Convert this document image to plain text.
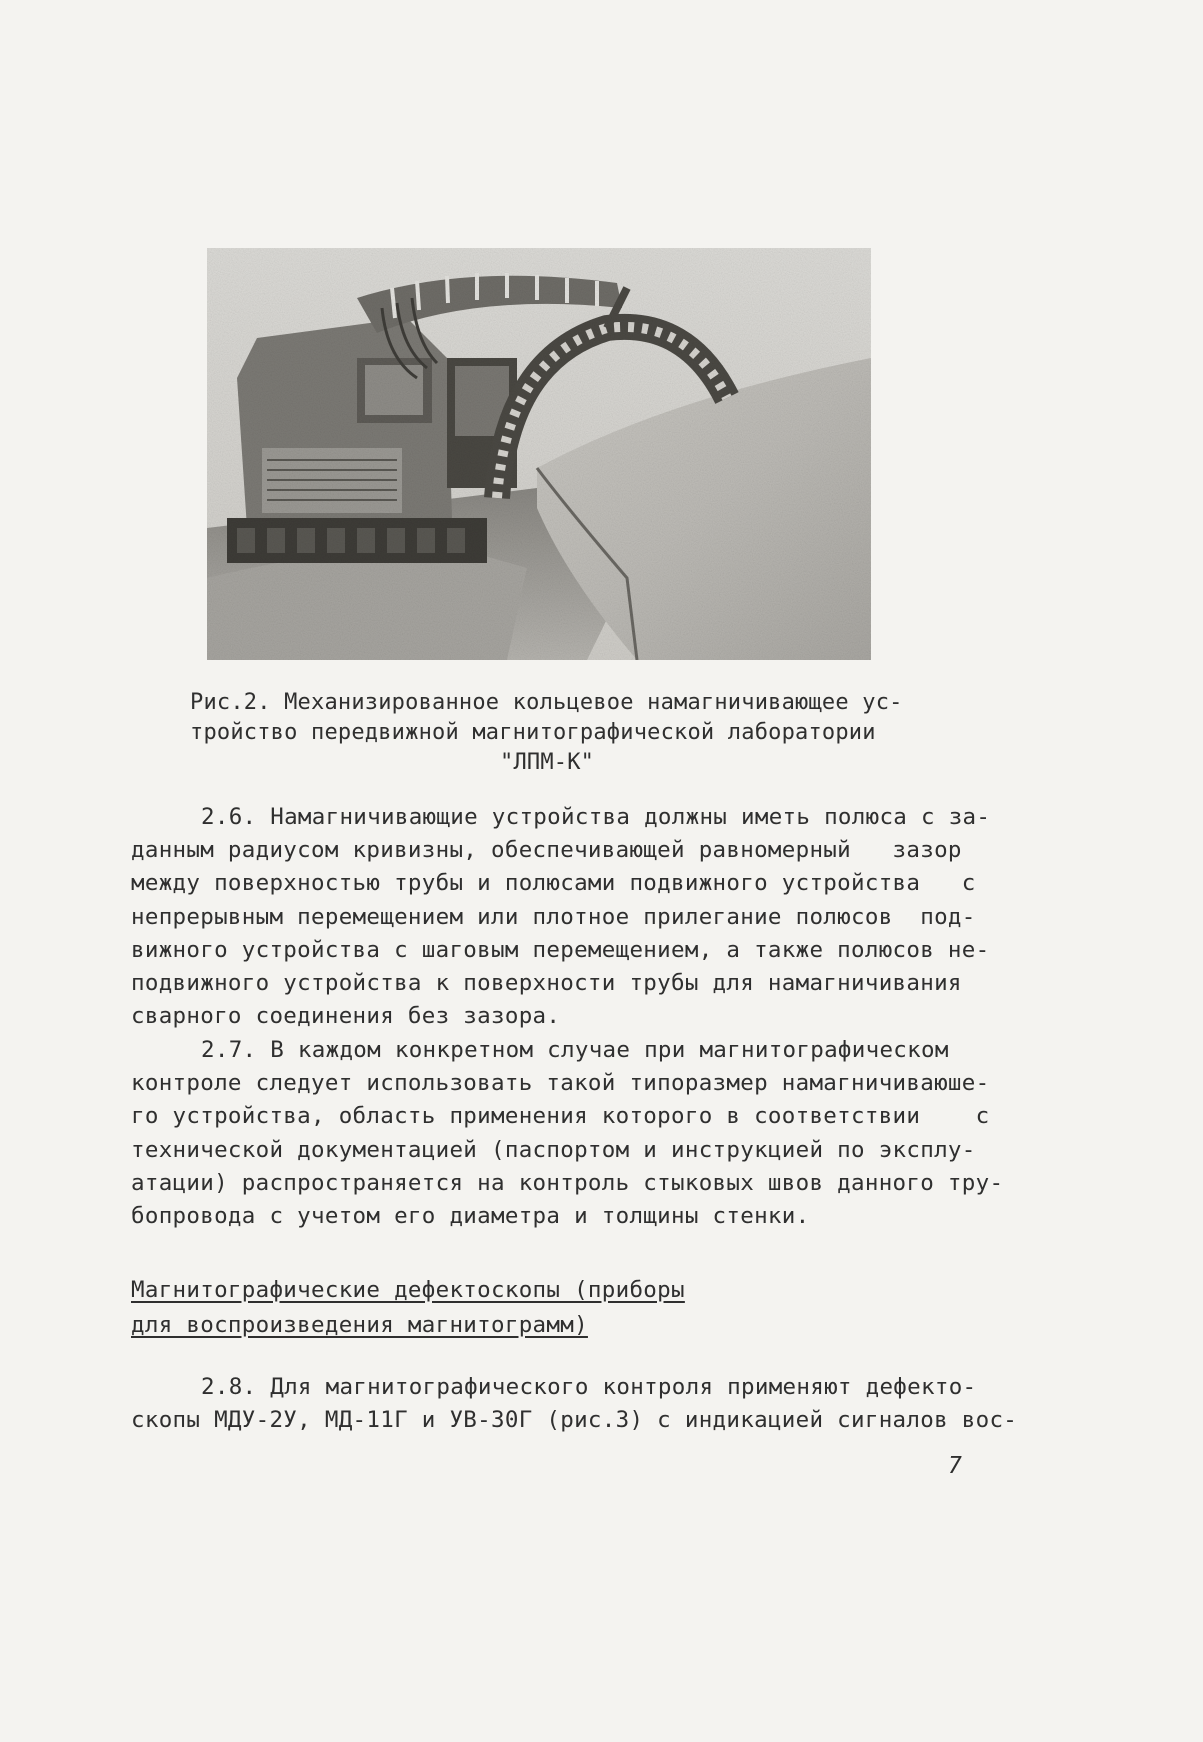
Рис.2. Механизированное кольцевое намагничивающее ус-
тройство передвижной магнитографической лаборатории
"ЛПМ-К"
2.6. Намагничивающие устройства должны иметь полюса с за-
данным радиусом кривизны, обеспечивающей равномерный   зазор
между поверхностью трубы и полюсами подвижного устройства   с
непрерывным перемещением или плотное прилегание полюсов  под-
вижного устройства с шаговым перемещением, а также полюсов не-
подвижного устройства к поверхности трубы для намагничивания
сварного соединения без зазора.
2.7. В каждом конкретном случае при магнитографическом
контроле следует использовать такой типоразмер намагничиваюше-
го устройства, область применения которого в соответствии    с
технической документацией (паспортом и инструкцией по эксплу-
атации) распространяется на контроль стыковых швов данного тру-
бопровода с учетом его диаметра и толщины стенки.
Магнитографические дефектоскопы (приборы
для воспроизведения магнитограмм)
2.8. Для магнитографического контроля применяют дефекто-
скопы МДУ-2У, МД-11Г и УВ-30Г (рис.3) с индикацией сигналов вос-
7
